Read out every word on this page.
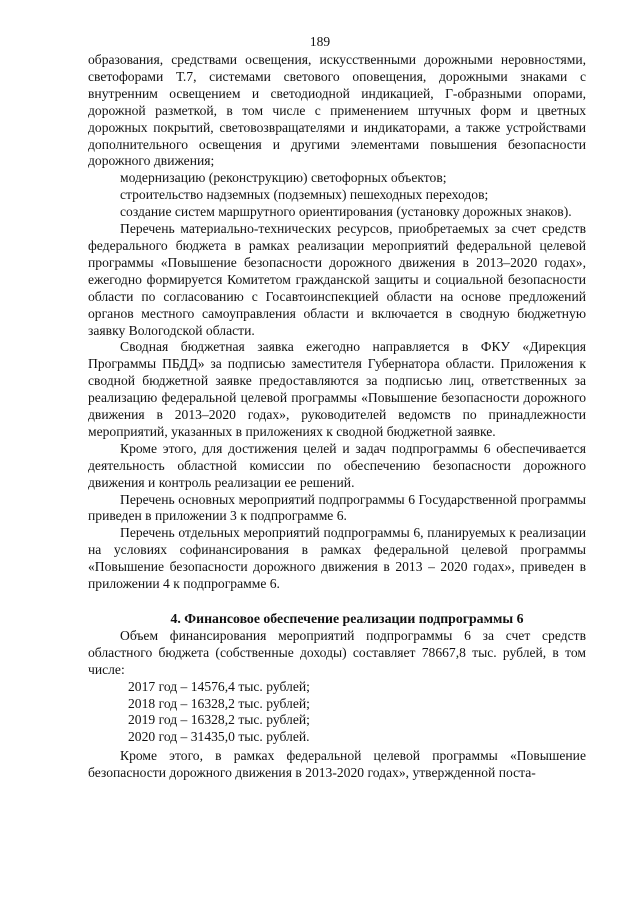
189

образования, средствами освещения, искусственными дорожными неровностями, светофорами Т.7, системами светового оповещения, дорожными знаками с внутренним освещением и светодиодной индикацией, Г-образными опорами, дорожной разметкой, в том числе с применением штучных форм и цветных дорожных покрытий, световозвращателями и индикаторами, а также устройствами дополнительного освещения и другими элементами повышения безопасности дорожного движения;

модернизацию (реконструкцию) светофорных объектов;

строительство надземных (подземных) пешеходных переходов;

создание систем маршрутного ориентирования (установку дорожных знаков).

Перечень материально-технических ресурсов, приобретаемых за счет средств федерального бюджета в рамках реализации мероприятий федеральной целевой программы «Повышение безопасности дорожного движения в 2013–2020 годах», ежегодно формируется Комитетом гражданской защиты и социальной безопасности области по согласованию с Госавтоинспекцией области на основе предложений органов местного самоуправления области и включается в сводную бюджетную заявку Вологодской области.

Сводная бюджетная заявка ежегодно направляется в ФКУ «Дирекция Программы ПБДД» за подписью заместителя Губернатора области. Приложения к сводной бюджетной заявке предоставляются за подписью лиц, ответственных за реализацию федеральной целевой программы «Повышение безопасности дорожного движения в 2013–2020 годах», руководителей ведомств по принадлежности мероприятий, указанных в приложениях к сводной бюджетной заявке.

Кроме этого, для достижения целей и задач подпрограммы 6 обеспечивается деятельность областной комиссии по обеспечению безопасности дорожного движения и контроль реализации ее решений.

Перечень основных мероприятий подпрограммы 6 Государственной программы приведен в приложении 3 к подпрограмме 6.

Перечень отдельных мероприятий подпрограммы 6, планируемых к реализации на условиях софинансирования в рамках федеральной целевой программы «Повышение безопасности дорожного движения в 2013 – 2020 годах», приведен в приложении 4 к подпрограмме 6.

4. Финансовое обеспечение реализации подпрограммы 6

Объем финансирования мероприятий подпрограммы 6 за счет средств областного бюджета (собственные доходы) составляет 78667,8 тыс. рублей, в том числе:

2017 год – 14576,4 тыс. рублей;

2018 год – 16328,2 тыс. рублей;

2019 год – 16328,2 тыс. рублей;

2020 год – 31435,0 тыс. рублей.

Кроме этого, в рамках федеральной целевой программы «Повышение безопасности дорожного движения в 2013-2020 годах», утвержденной поста-
